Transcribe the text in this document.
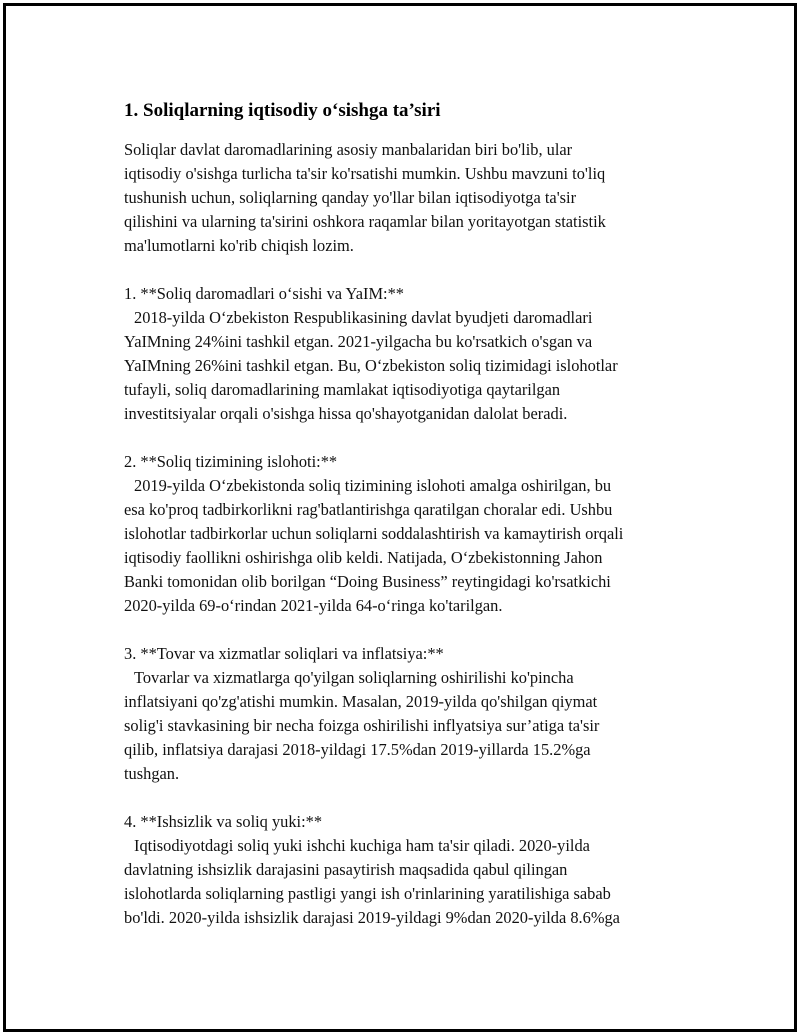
1. Soliqlarning iqtisodiy o‘sishga ta’siri

Soliqlar davlat daromadlarining asosiy manbalaridan biri bo'lib, ular
iqtisodiy o'sishga turlicha ta'sir ko'rsatishi mumkin. Ushbu mavzuni to'liq
tushunish uchun, soliqlarning qanday yo'llar bilan iqtisodiyotga ta'sir
qilishini va ularning ta'sirini oshkora raqamlar bilan yoritayotgan statistik
ma'lumotlarni ko'rib chiqish lozim.

1. **Soliq daromadlari o‘sishi va YaIM:**

2018-yilda O‘zbekiston Respublikasining davlat byudjeti daromadlari
YaIMning 24%ini tashkil etgan. 2021-yilgacha bu ko'rsatkich o'sgan va
YaIMning 26%ini tashkil etgan. Bu, O‘zbekiston soliq tizimidagi islohotlar
tufayli, soliq daromadlarining mamlakat iqtisodiyotiga qaytarilgan
investitsiyalar orqali o'sishga hissa qo'shayotganidan dalolat beradi.

2. **Soliq tizimining islohoti:**

2019-yilda O‘zbekistonda soliq tizimining islohoti amalga oshirilgan, bu
esa ko'proq tadbirkorlikni rag'batlantirishga qaratilgan choralar edi. Ushbu
islohotlar tadbirkorlar uchun soliqlarni soddalashtirish va kamaytirish orqali
iqtisodiy faollikni oshirishga olib keldi. Natijada, O‘zbekistonning Jahon
Banki tomonidan olib borilgan “Doing Business” reytingidagi ko'rsatkichi
2020-yilda 69-o‘rindan 2021-yilda 64-o‘ringa ko'tarilgan.

3. **Tovar va xizmatlar soliqlari va inflatsiya:**

Tovarlar va xizmatlarga qo'yilgan soliqlarning oshirilishi ko'pincha
inflatsiyani qo'zg'atishi mumkin. Masalan, 2019-yilda qo'shilgan qiymat
solig'i stavkasining bir necha foizga oshirilishi inflyatsiya sur’atiga ta'sir
qilib, inflatsiya darajasi 2018-yildagi 17.5%dan 2019-yillarda 15.2%ga
tushgan.

4. **Ishsizlik va soliq yuki:**

Iqtisodiyotdagi soliq yuki ishchi kuchiga ham ta'sir qiladi. 2020-yilda
davlatning ishsizlik darajasini pasaytirish maqsadida qabul qilingan
islohotlarda soliqlarning pastligi yangi ish o'rinlarining yaratilishiga sabab
bo'ldi. 2020-yilda ishsizlik darajasi 2019-yildagi 9%dan 2020-yilda 8.6%ga
